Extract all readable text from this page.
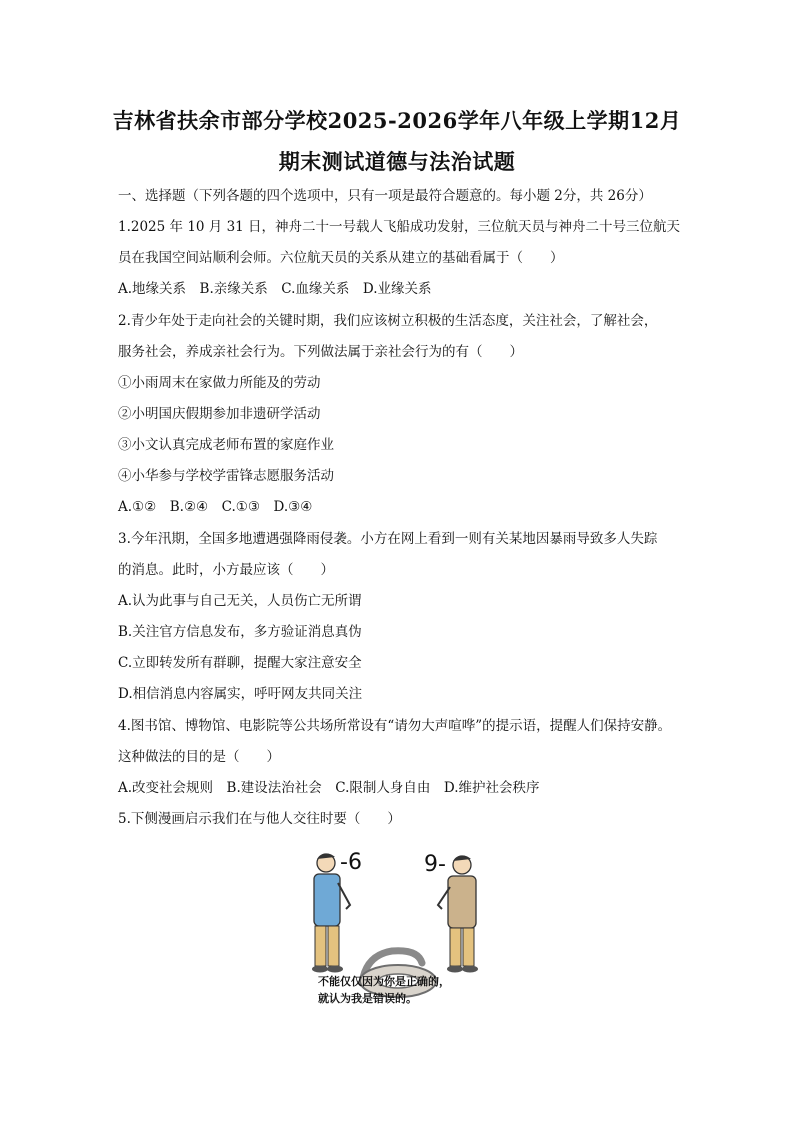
吉林省扶余市部分学校2025-2026学年八年级上学期12月
期末测试道德与法治试题
一、选择题（下列各题的四个选项中，只有一项是最符合题意的。每小题 2分，共 26分）
1.2025 年 10 月 31 日，神舟二十一号载人飞船成功发射，三位航天员与神舟二十号三位航天
员在我国空间站顺利会师。六位航天员的关系从建立的基础看属于（　　）
A.地缘关系　B.亲缘关系　C.血缘关系　D.业缘关系
2.青少年处于走向社会的关键时期，我们应该树立积极的生活态度，关注社会，了解社会，
服务社会，养成亲社会行为。下列做法属于亲社会行为的有（　　）
①小雨周末在家做力所能及的劳动
②小明国庆假期参加非遗研学活动
③小文认真完成老师布置的家庭作业
④小华参与学校学雷锋志愿服务活动
A.①②　B.②④　C.①③　D.③④
3.今年汛期，全国多地遭遇强降雨侵袭。小方在网上看到一则有关某地因暴雨导致多人失踪
的消息。此时，小方最应该（　　）
A.认为此事与自己无关，人员伤亡无所谓
B.关注官方信息发布，多方验证消息真伪
C.立即转发所有群聊，提醒大家注意安全
D.相信消息内容属实，呼吁网友共同关注
4.图书馆、博物馆、电影院等公共场所常设有“请勿大声喧哗”的提示语，提醒人们保持安静。
这种做法的目的是（　　）
A.改变社会规则　B.建设法治社会　C.限制人身自由　D.维护社会秩序
5.下侧漫画启示我们在与他人交往时要（　　）
-6	9-
不能仅仅因为你是正确的，
就认为我是错误的。
